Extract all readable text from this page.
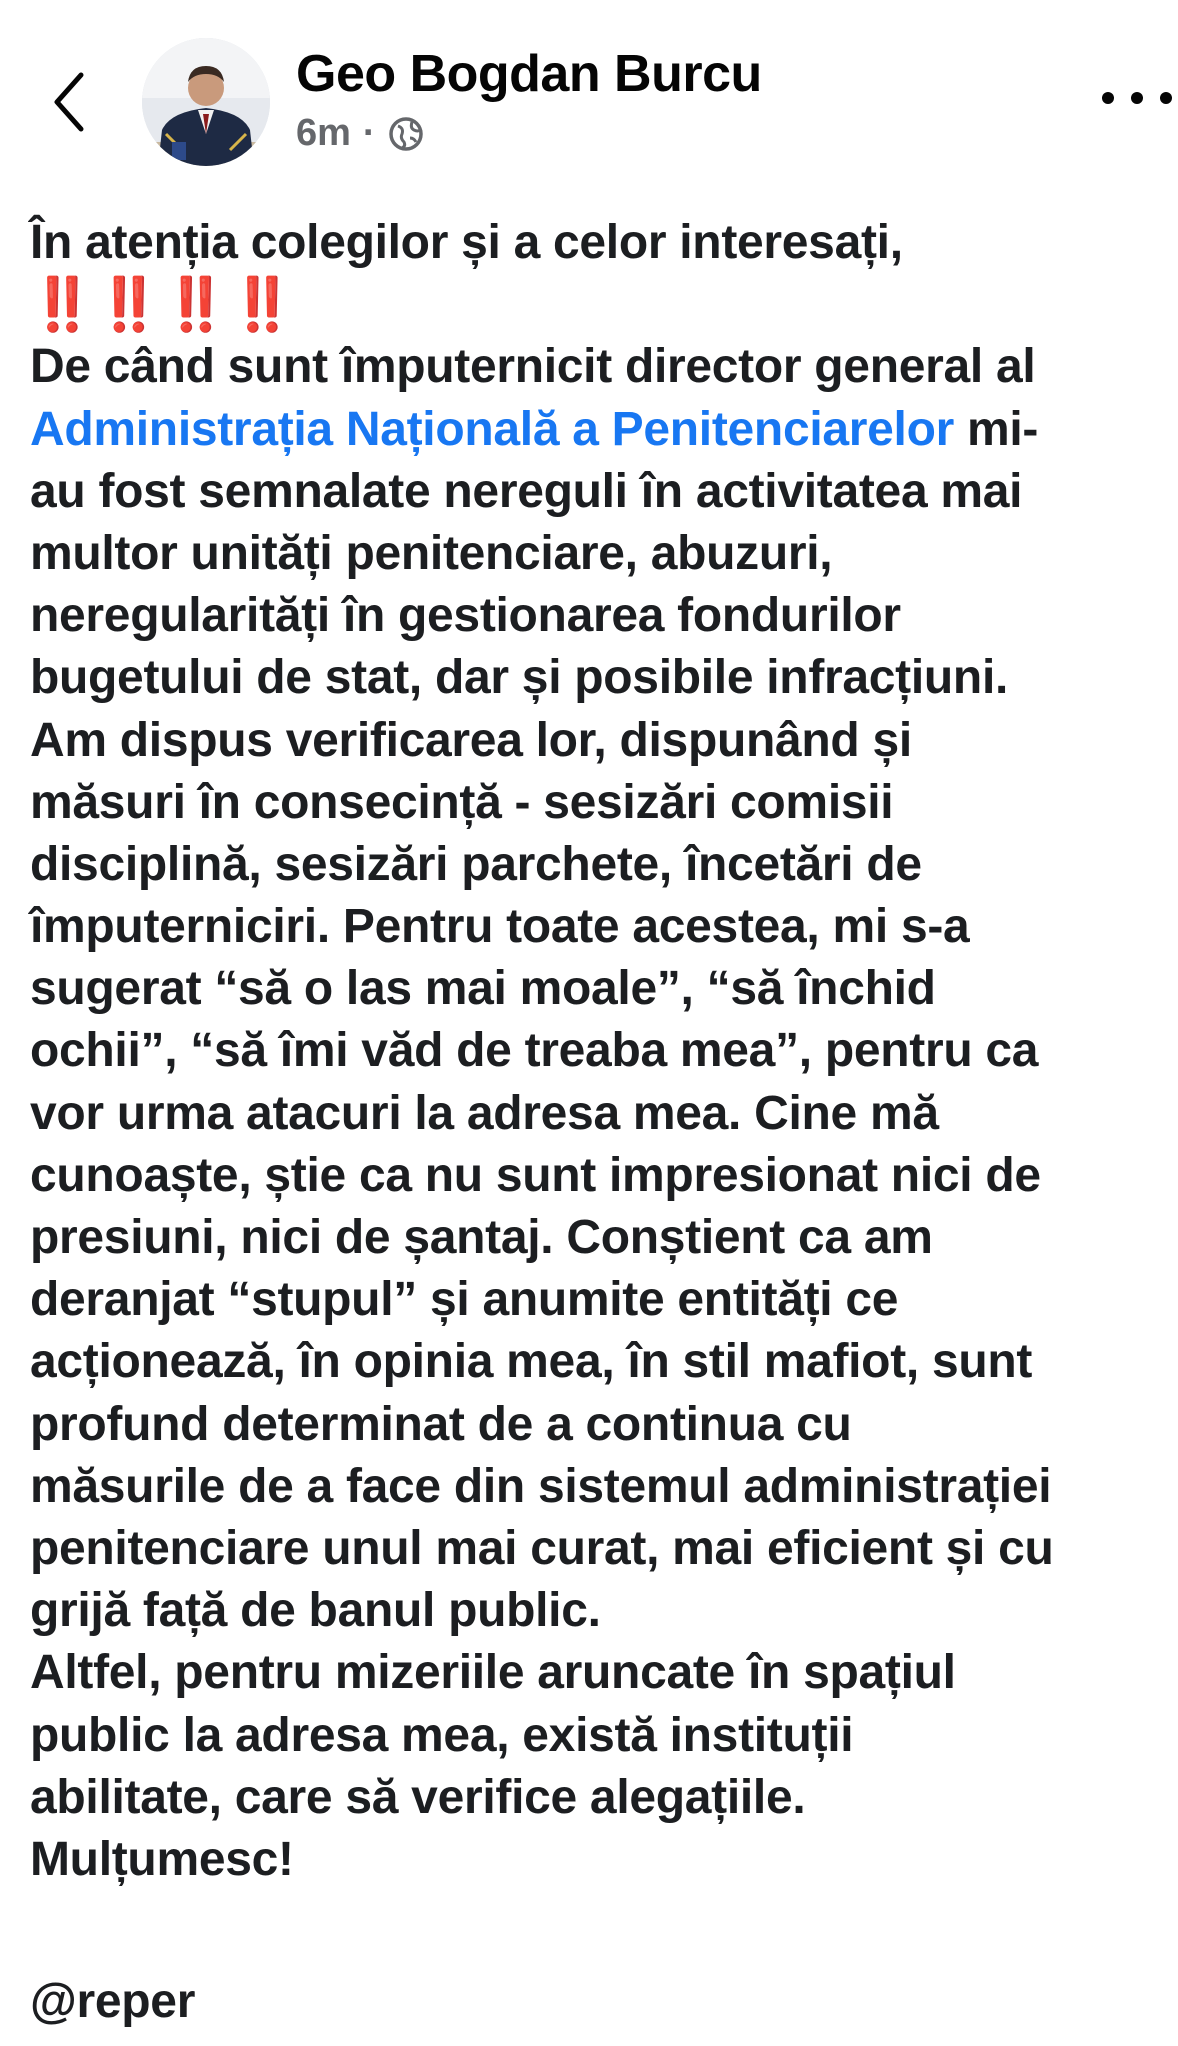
Geo Bogdan Burcu
6m ·
În atenția colegilor și a celor interesați,
‼️‼️‼️‼️
De când sunt împuternicit director general al
Administrația Națională a Penitenciarelor mi-
au fost semnalate nereguli în activitatea mai
multor unități penitenciare, abuzuri,
neregularități în gestionarea fondurilor
bugetului de stat, dar și posibile infracțiuni.
Am dispus verificarea lor, dispunând și
măsuri în consecință - sesizări comisii
disciplină, sesizări parchete, încetări de
împuterniciri. Pentru toate acestea, mi s-a
sugerat “să o las mai moale”, “să închid
ochii”, “să îmi văd de treaba mea”, pentru ca
vor urma atacuri la adresa mea. Cine mă
cunoaște, știe ca nu sunt impresionat nici de
presiuni, nici de șantaj. Conștient ca am
deranjat “stupul” și anumite entități ce
acționează, în opinia mea, în stil mafiot, sunt
profund determinat de a continua cu
măsurile de a face din sistemul administrației
penitenciare unul mai curat, mai eficient și cu
grijă față de banul public.
Altfel, pentru mizeriile aruncate în spațiul
public la adresa mea, există instituții
abilitate, care să verifice alegațiile.
Mulțumesc!
@reper
